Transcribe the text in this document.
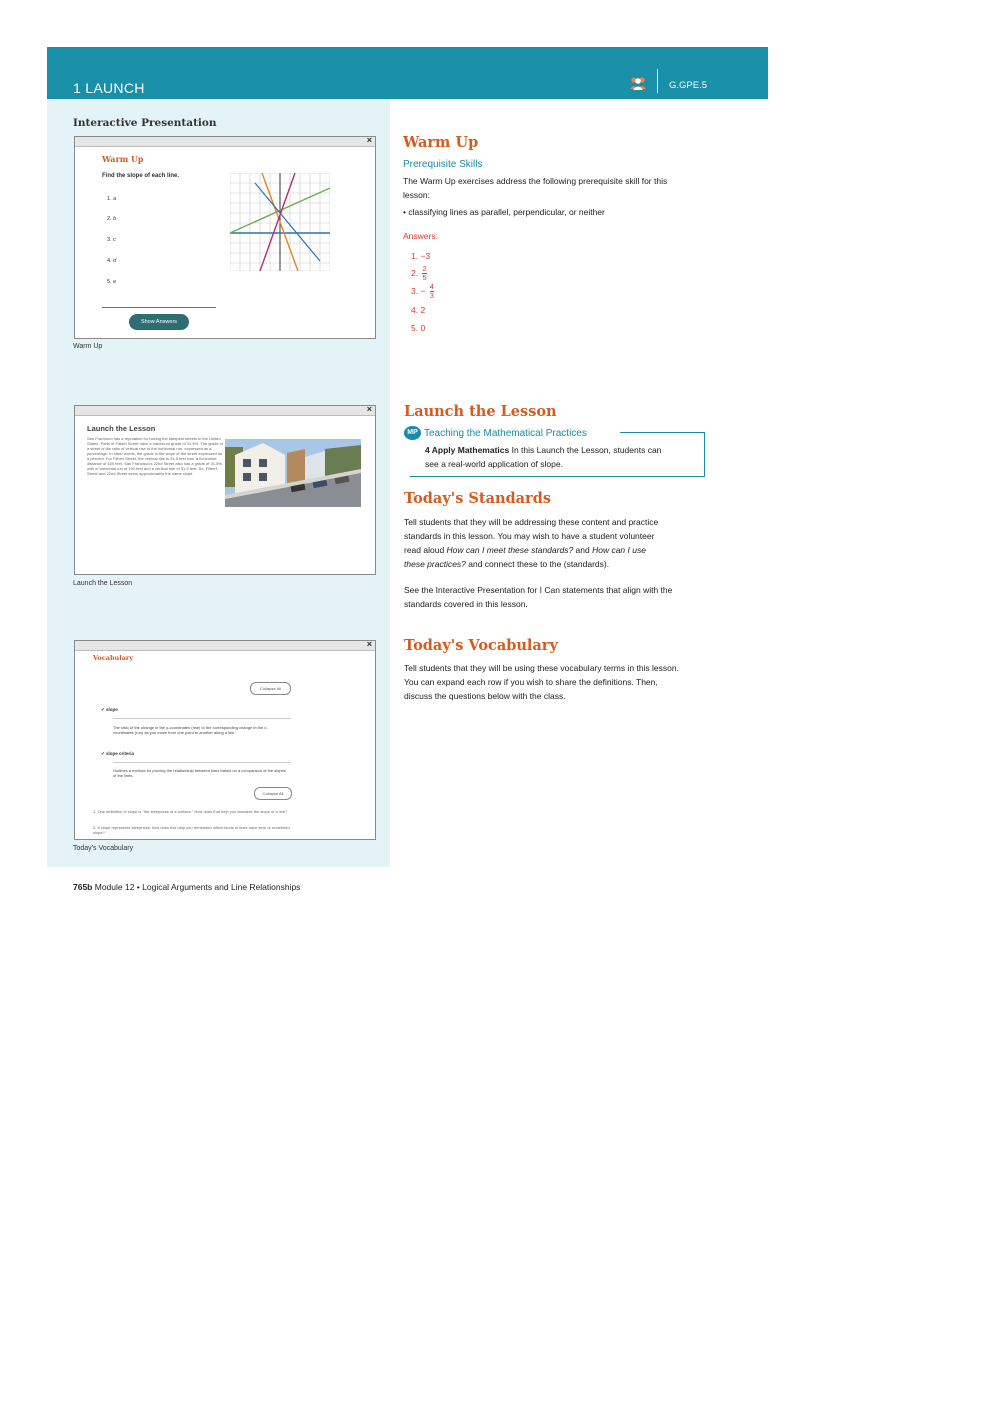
1 LAUNCH	G.GPE.5
Interactive Presentation
×
Warm Up
Find the slope of each line.
1. a
2. b
3. c
4. d
5. e
Show Answers
Warm Up
×
Launch the Lesson
San Francisco has a reputation for having the steepest streets in the United States. Parts of Filbert Street have a maximum grade of 31.5%. The grade of a street is the ratio of vertical rise to the horizontal run, expressed as a percentage. In other words, the grade is the slope of the street expressed as a percent. For Filbert Street, the vertical rise is 31.5 feet over a horizontal distance of 100 feet. San Francisco's 22nd Street also has a grade of 31.5%, with a horizontal run of 100 feet and a vertical rise of 31.5 feet. So, Filbert Street and 22nd Street seem approximately the same slope.
Launch the Lesson
×
Vocabulary
Collapse All
✔ slope
The ratio of the change in the y-coordinates (rise) to the corresponding change in the x-coordinates (run) as you move from one point to another along a line.
✔ slope criteria
Outlines a method for proving the relationship between lines based on a comparison of the slopes of the lines.
Collapse All
1. One definition of slope is "the steepness of a surface." How does that help you visualize the slope of a line?
2. If slope represents steepness, how does this help you remember which kinds of lines have zero or undefined slope?
Today's Vocabulary
Warm Up
Prerequisite Skills
The Warm Up exercises address the following prerequisite skill for this lesson:
• classifying lines as parallel, perpendicular, or neither
Answers:
1. −3
2. $\frac{2}{5}$
3. − $\frac{4}{3}$
4. 2
5. 0
Launch the Lesson
MP Teaching the Mathematical Practices
4 Apply Mathematics In this Launch the Lesson, students can
see a real-world application of slope.
Today's Standards
Tell students that they will be addressing these content and practice
standards in this lesson. You may wish to have a student volunteer
read aloud How can I meet these standards? and How can I use
these practices? and connect these to the (standards).
See the Interactive Presentation for I Can statements that align with the
standards covered in this lesson.
Today's Vocabulary
Tell students that they will be using these vocabulary terms in this lesson.
You can expand each row if you wish to share the definitions. Then,
discuss the questions below with the class.
765b Module 12 • Logical Arguments and Line Relationships
